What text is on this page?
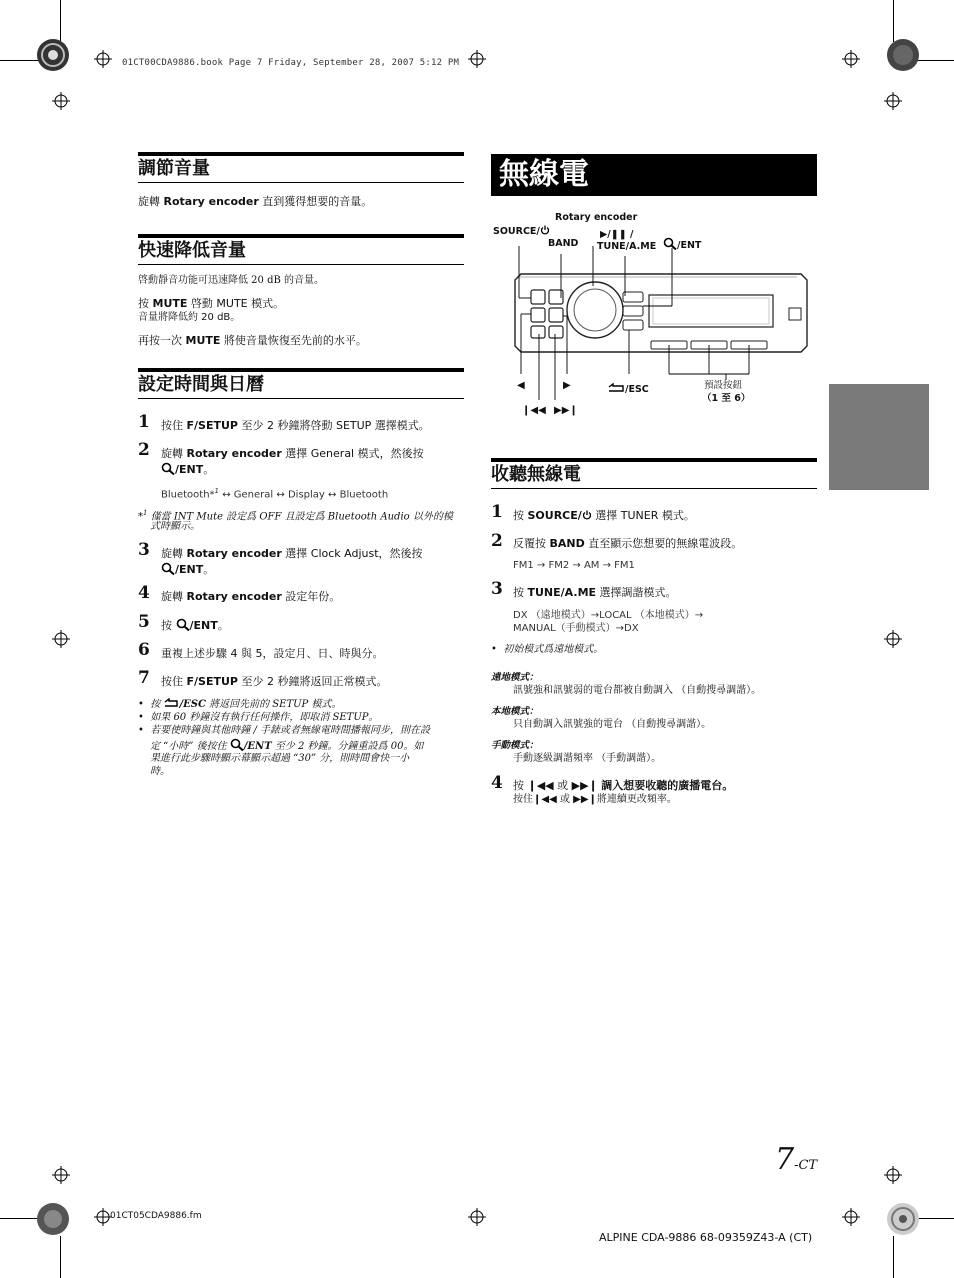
01CT00CDA9886.book Page 7 Friday, September 28, 2007 5:12 PM
調節音量
旋轉 Rotary encoder 直到獲得想要的音量。
快速降低音量
啓動靜音功能可迅速降低 20 dB 的音量。
按 MUTE 啓動 MUTE 模式。
音量將降低約 20 dB。
再按一次 MUTE 將使音量恢復至先前的水平。
設定時間與日曆
1 按住 F/SETUP 至少 2 秒鐘將啓動 SETUP 選擇模式。
2 旋轉 Rotary encoder 選擇 General 模式，然後按
/ENT。
Bluetooth*$^1$ ↔ General ↔ Display ↔ Bluetooth
*$^1$ 僅當 INT Mute 設定爲 OFF 且設定爲 Bluetooth Audio 以外的模
式時顯示。
3 旋轉 Rotary encoder 選擇 Clock Adjust，然後按
/ENT。
4 旋轉 Rotary encoder 設定年份。
5 按 /ENT。
6 重複上述步驟 4 與 5，設定月、日、時與分。
7 按住 F/SETUP 至少 2 秒鐘將返回正常模式。
•  按 /ESC 將返回先前的 SETUP 模式。
•  如果 60 秒鐘沒有執行任何操作，即取消 SETUP。
•  若要使時鐘與其他時鐘 / 手錶或者無線電時間播報同步，則在設
定 “小時” 後按住 /ENT 至少 2 秒鐘。分鐘重設爲 00。如
果進行此步驟時顯示幕顯示超過 “30” 分，則時間會快一小
時。
無線電
Rotary encoder
SOURCE/
BAND
▶/❚❚ /
TUNE/A.ME	/ENT
◀	▶
❙◀◀ ▶▶❙
/ESC	預設按鈕
（1 至 6）
收聽無線電
1 按 SOURCE/ 選擇 TUNER 模式。
2 反覆按 BAND 直至顯示您想要的無線電波段。
FM1 → FM2 → AM → FM1
3 按 TUNE/A.ME 選擇調諧模式。
DX （遠地模式）→LOCAL （本地模式）→
MANUAL（手動模式）→DX
•  初始模式爲遠地模式。
遠地模式：
訊號強和訊號弱的電台都被自動調入 （自動搜尋調諧）。
本地模式：
只自動調入訊號強的電台 （自動搜尋調諧）。
手動模式：
手動逐級調諧頻率 （手動調諧）。
4 按 ❙◀◀ 或 ▶▶❙ 調入想要收聽的廣播電台。
按住❙◀◀ 或 ▶▶❙將連續更改頻率。
7-CT
01CT05CDA9886.fm
ALPINE CDA-9886 68-09359Z43-A (CT)
